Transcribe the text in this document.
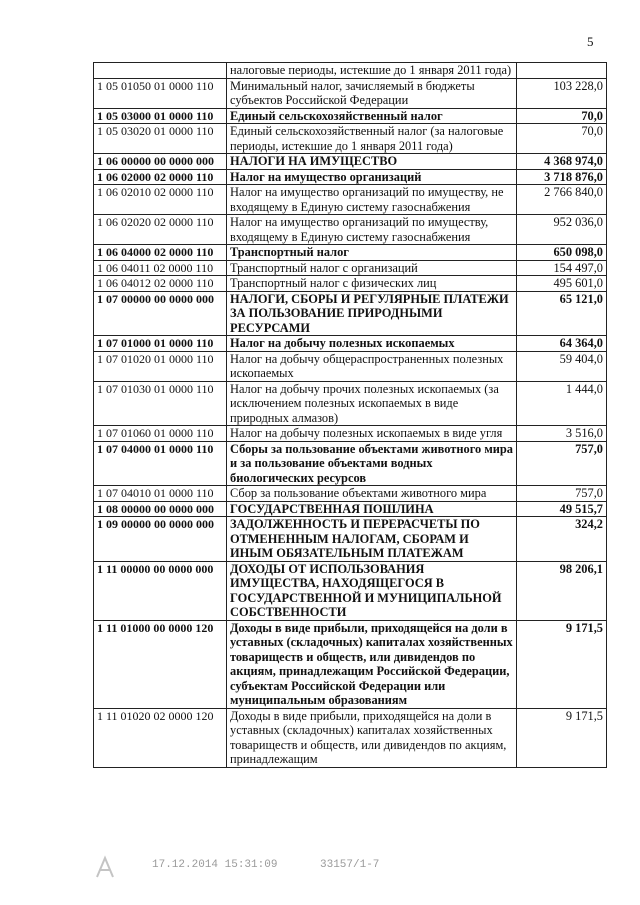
5
	налоговые периоды, истекшие до 1 января 2011 года)	
1 05 01050 01 0000 110	Минимальный налог, зачисляемый в бюджеты субъектов Российской Федерации	103 228,0
1 05 03000 01 0000 110	Единый сельскохозяйственный налог	70,0
1 05 03020 01 0000 110	Единый сельскохозяйственный налог (за налоговые периоды, истекшие до 1 января 2011 года)	70,0
1 06 00000 00 0000 000	НАЛОГИ НА ИМУЩЕСТВО	4 368 974,0
1 06 02000 02 0000 110	Налог на имущество организаций	3 718 876,0
1 06 02010 02 0000 110	Налог на имущество организаций по имуществу, не входящему в Единую систему газоснабжения	2 766 840,0
1 06 02020 02 0000 110	Налог на имущество организаций по имуществу, входящему в Единую систему газоснабжения	952 036,0
1 06 04000 02 0000 110	Транспортный налог	650 098,0
1 06 04011 02 0000 110	Транспортный налог с организаций	154 497,0
1 06 04012 02 0000 110	Транспортный налог с физических лиц	495 601,0
1 07 00000 00 0000 000	НАЛОГИ, СБОРЫ И РЕГУЛЯРНЫЕ ПЛАТЕЖИ ЗА ПОЛЬЗОВАНИЕ ПРИРОДНЫМИ РЕСУРСАМИ	65 121,0
1 07 01000 01 0000 110	Налог на добычу полезных ископаемых	64 364,0
1 07 01020 01 0000 110	Налог на добычу общераспространенных полезных ископаемых	59 404,0
1 07 01030 01 0000 110	Налог на добычу прочих полезных ископаемых (за исключением полезных ископаемых в виде природных алмазов)	1 444,0
1 07 01060 01 0000 110	Налог на добычу полезных ископаемых в виде угля	3 516,0
1 07 04000 01 0000 110	Сборы за пользование объектами животного мира и за пользование объектами водных биологических ресурсов	757,0
1 07 04010 01 0000 110	Сбор за пользование объектами животного мира	757,0
1 08 00000 00 0000 000	ГОСУДАРСТВЕННАЯ ПОШЛИНА	49 515,7
1 09 00000 00 0000 000	ЗАДОЛЖЕННОСТЬ И ПЕРЕРАСЧЕТЫ ПО ОТМЕНЕННЫМ НАЛОГАМ, СБОРАМ И ИНЫМ ОБЯЗАТЕЛЬНЫМ ПЛАТЕЖАМ	324,2
1 11 00000 00 0000 000	ДОХОДЫ ОТ ИСПОЛЬЗОВАНИЯ ИМУЩЕСТВА, НАХОДЯЩЕГОСЯ В ГОСУДАРСТВЕННОЙ И МУНИЦИПАЛЬНОЙ СОБСТВЕННОСТИ	98 206,1
1 11 01000 00 0000 120	Доходы в виде прибыли, приходящейся на доли в уставных (складочных) капиталах хозяйственных товариществ и обществ, или дивидендов по акциям, принадлежащим Российской Федерации, субъектам Российской Федерации или муниципальным образованиям	9 171,5
1 11 01020 02 0000 120	Доходы в виде прибыли, приходящейся на доли в уставных (складочных) капиталах хозяйственных товариществ и обществ, или дивидендов по акциям, принадлежащим	9 171,5
17.12.2014 15:31:09	33157/1-7
